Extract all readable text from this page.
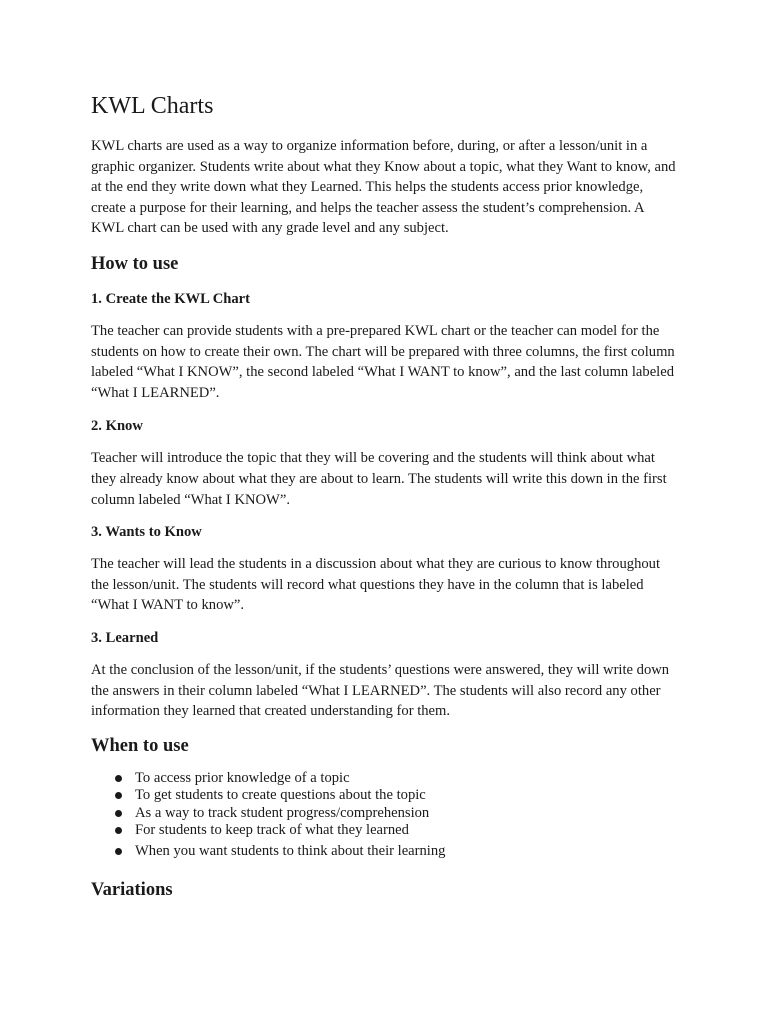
KWL Charts

KWL charts are used as a way to organize information before, during, or after a lesson/unit in a graphic organizer. Students write about what they Know about a topic, what they Want to know, and at the end they write down what they Learned. This helps the students access prior knowledge, create a purpose for their learning, and helps the teacher assess the student’s comprehension. A KWL chart can be used with any grade level and any subject.

How to use
1. Create the KWL Chart

The teacher can provide students with a pre-prepared KWL chart or the teacher can model for the students on how to create their own. The chart will be prepared with three columns, the first column labeled “What I KNOW”, the second labeled “What I WANT to know”, and the last column labeled “What I LEARNED”.

2. Know

Teacher will introduce the topic that they will be covering and the students will think about what they already know about what they are about to learn. The students will write this down in the first column labeled “What I KNOW”.

3. Wants to Know

The teacher will lead the students in a discussion about what they are curious to know throughout the lesson/unit. The students will record what questions they have in the column that is labeled “What I WANT to know”.

3. Learned

At the conclusion of the lesson/unit, if the students’ questions were answered, they will write down the answers in their column labeled “What I LEARNED”. The students will also record any other information they learned that created understanding for them.

When to use
To access prior knowledge of a topic
To get students to create questions about the topic
As a way to track student progress/comprehension
For students to keep track of what they learned
When you want students to think about their learning
Variations
